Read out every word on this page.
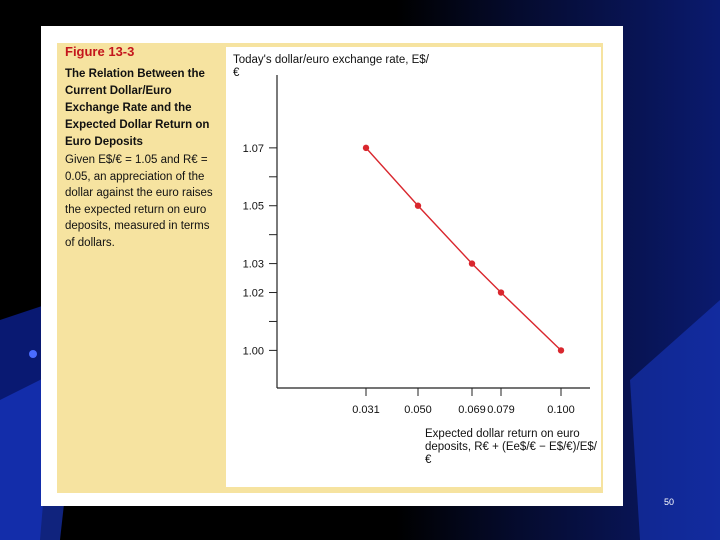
Figure 13-3
The Relation Between the Current Dollar/Euro Exchange Rate and the Expected Dollar Return on Euro Deposits
Given E$/€ = 1.05 and R€ = 0.05, an appreciation of the dollar against the euro raises the expected return on euro deposits, measured in terms of dollars.
Today's dollar/euro exchange rate, E$/€
Expected dollar return on euro deposits, R€ + (Ee$/€ − E$/€)/E$/€
1.07
1.05
1.03
1.02
1.00
0.031 0.050 0.069 0.079	0.100
50
